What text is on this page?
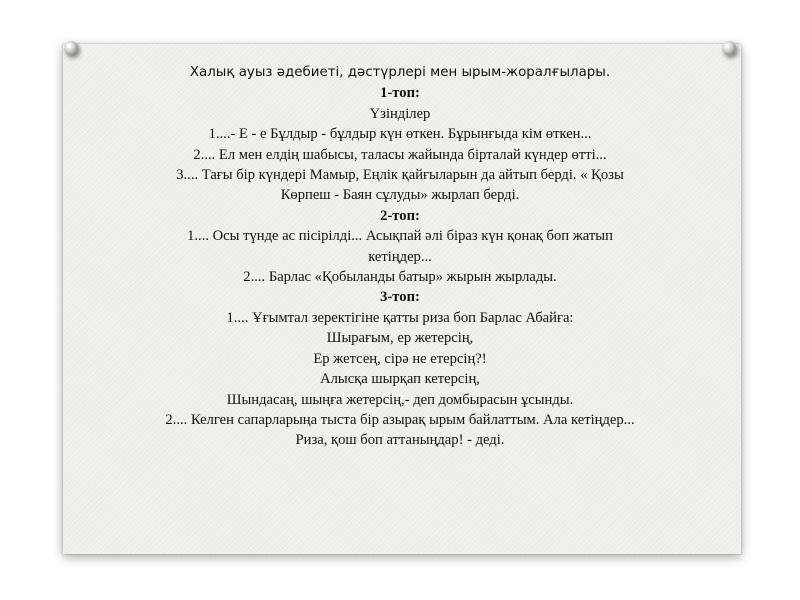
Халық ауыз әдебиеті, дәстүрлері мен ырым-жоралғылары.
1-топ:
Үзінділер
1....- Е - е Бұлдыр - бұлдыр күн өткен. Бұрынғыда кім өткен...
2.... Ел мен елдің шабысы, таласы жайында бірталай күндер өтті...
3.... Тағы бір күндері Мамыр, Еңлік қайғыларын да айтып берді. « Қозы
Көрпеш - Баян сұлуды» жырлап берді.
2-топ:
1.... Осы түнде ас пісірілді... Асықпай әлі біраз күн қонақ боп жатып
кетіңдер...
2.... Барлас «Қобыланды батыр» жырын жырлады.
3-топ:
1.... Ұғымтал зеректігіне қатты риза боп Барлас Абайға:
Шырағым, ер жетерсің,
Ер жетсең, сірә не етерсің?!
Алысқа шырқап кетерсің,
Шындасаң, шыңға жетерсің,- деп домбырасын ұсынды.
2.... Келген сапарларыңа тыста бір азырақ ырым байлаттым. Ала кетіңдер...
Риза, қош боп аттаныңдар! - деді.
